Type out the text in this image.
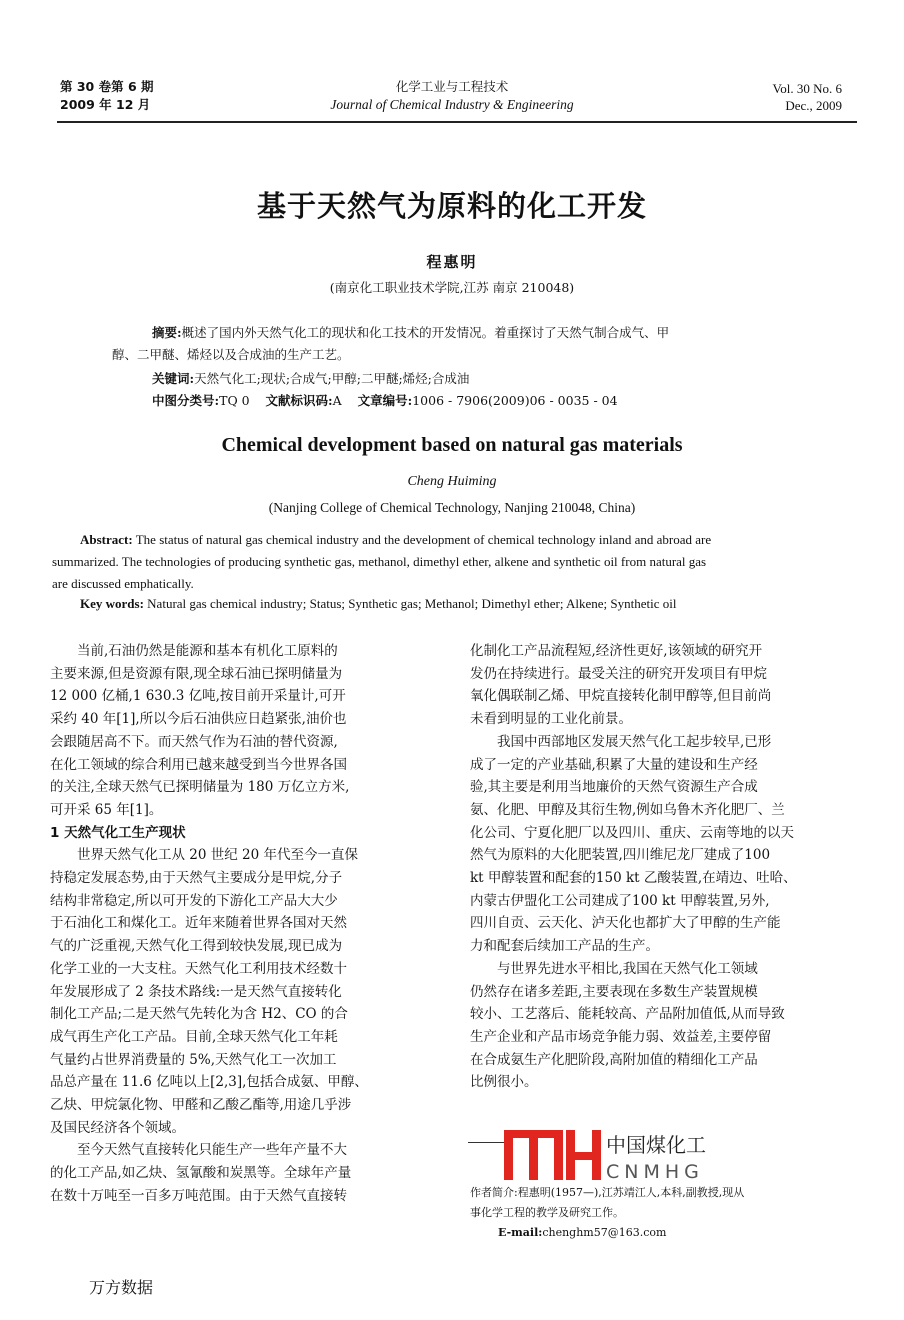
第 30 卷第 6 期
2009 年 12 月
化学工业与工程技术
Journal of Chemical Industry & Engineering
Vol. 30 No. 6
Dec., 2009
基于天然气为原料的化工开发
程惠明
(南京化工职业技术学院,江苏 南京 210048)
摘要:概述了国内外天然气化工的现状和化工技术的开发情况。着重探讨了天然气制合成气、甲
醇、二甲醚、烯烃以及合成油的生产工艺。
关键词:天然气化工;现状;合成气;甲醇;二甲醚;烯烃;合成油
中图分类号:TQ 0 文献标识码:A 文章编号:1006 - 7906(2009)06 - 0035 - 04
Chemical development based on natural gas materials
Cheng Huiming
(Nanjing College of Chemical Technology, Nanjing 210048, China)
Abstract: The status of natural gas chemical industry and the development of chemical technology inland and abroad are
summarized. The technologies of producing synthetic gas, methanol, dimethyl ether, alkene and synthetic oil from natural gas
are discussed emphatically.
Key words: Natural gas chemical industry; Status; Synthetic gas; Methanol; Dimethyl ether; Alkene; Synthetic oil
当前,石油仍然是能源和基本有机化工原料的
主要来源,但是资源有限,现全球石油已探明储量为
12 000 亿桶,1 630.3 亿吨,按目前开采量计,可开
采约 40 年[1],所以今后石油供应日趋紧张,油价也
会跟随居高不下。而天然气作为石油的替代资源,
在化工领域的综合利用已越来越受到当今世界各国
的关注,全球天然气已探明储量为 180 万亿立方米,
可开采 65 年[1]。
1 天然气化工生产现状
世界天然气化工从 20 世纪 20 年代至今一直保
持稳定发展态势,由于天然气主要成分是甲烷,分子
结构非常稳定,所以可开发的下游化工产品大大少
于石油化工和煤化工。近年来随着世界各国对天然
气的广泛重视,天然气化工得到较快发展,现已成为
化学工业的一大支柱。天然气化工利用技术经数十
年发展形成了 2 条技术路线:一是天然气直接转化
制化工产品;二是天然气先转化为含 H2、CO 的合
成气再生产化工产品。目前,全球天然气化工年耗
气量约占世界消费量的 5%,天然气化工一次加工
品总产量在 11.6 亿吨以上[2,3],包括合成氨、甲醇、
乙炔、甲烷氯化物、甲醛和乙酸乙酯等,用途几乎涉
及国民经济各个领域。
至今天然气直接转化只能生产一些年产量不大
的化工产品,如乙炔、氢氰酸和炭黑等。全球年产量
在数十万吨至一百多万吨范围。由于天然气直接转
化制化工产品流程短,经济性更好,该领域的研究开
发仍在持续进行。最受关注的研究开发项目有甲烷
氧化偶联制乙烯、甲烷直接转化制甲醇等,但目前尚
未看到明显的工业化前景。
我国中西部地区发展天然气化工起步较早,已形
成了一定的产业基础,积累了大量的建设和生产经
验,其主要是利用当地廉价的天然气资源生产合成
氨、化肥、甲醇及其衍生物,例如乌鲁木齐化肥厂、兰
化公司、宁夏化肥厂以及四川、重庆、云南等地的以天
然气为原料的大化肥装置,四川维尼龙厂建成了100
kt 甲醇装置和配套的150 kt 乙酸装置,在靖边、吐哈、
内蒙古伊盟化工公司建成了100 kt 甲醇装置,另外,
四川自贡、云天化、泸天化也都扩大了甲醇的生产能
力和配套后续加工产品的生产。
与世界先进水平相比,我国在天然气化工领域
仍然存在诸多差距,主要表现在多数生产装置规模
较小、工艺落后、能耗较高、产品附加值低,从而导致
生产企业和产品市场竞争能力弱、效益差,主要停留
在合成氨生产化肥阶段,高附加值的精细化工产品
比例很小。
中国煤化工
CNMHG
作者简介:程惠明(1957—),江苏靖江人,本科,副教授,现从
事化学工程的教学及研究工作。
E-mail:chenghm57@163.com
万方数据
